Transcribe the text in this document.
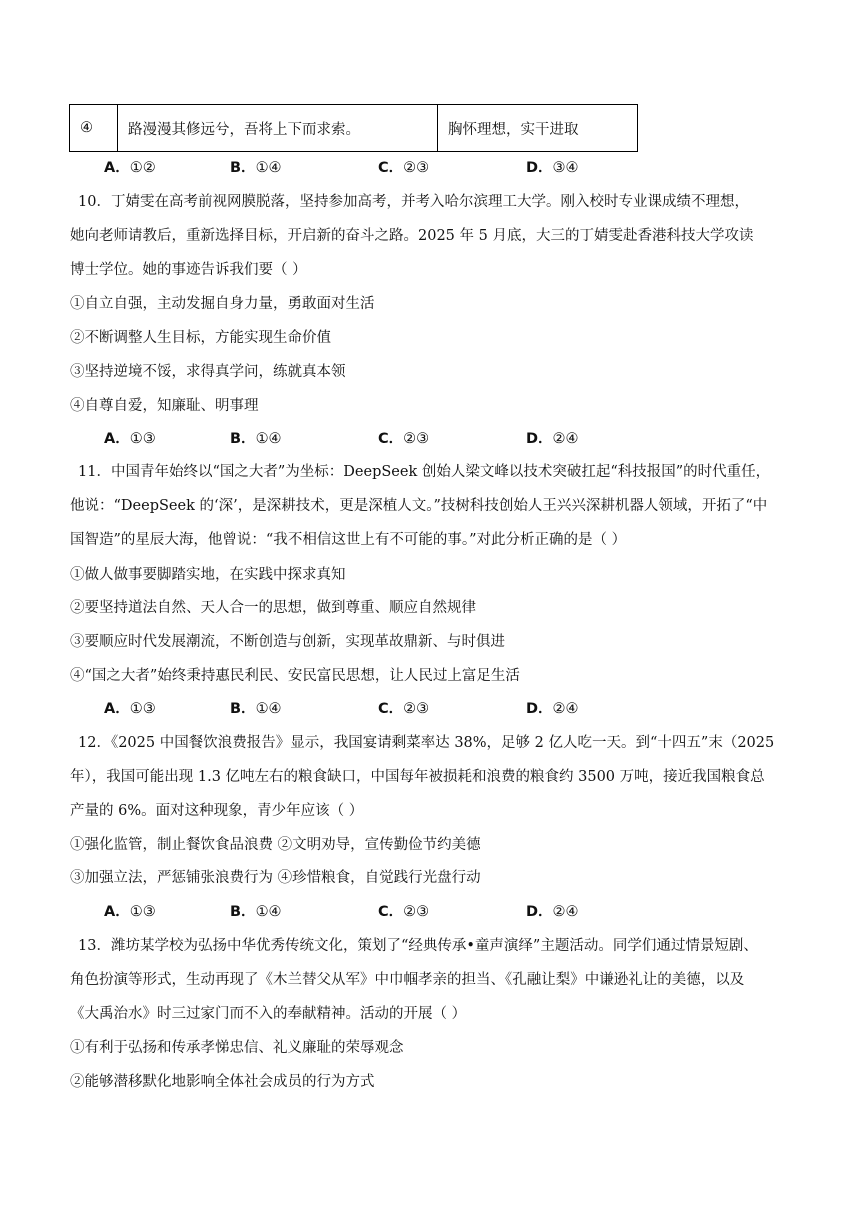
④	路漫漫其修远兮，吾将上下而求索。	胸怀理想，实干进取
A．①②	B．①④	C．②③	D．③④
10．丁婧雯在高考前视网膜脱落，坚持参加高考，并考入哈尔滨理工大学。刚入校时专业课成绩不理想，
她向老师请教后，重新选择目标，开启新的奋斗之路。2025 年 5 月底，大三的丁婧雯赴香港科技大学攻读
博士学位。她的事迹告诉我们要（ ）
①自立自强，主动发掘自身力量，勇敢面对生活
②不断调整人生目标，方能实现生命价值
③坚持逆境不馁，求得真学问，练就真本领
④自尊自爱，知廉耻、明事理
A．①③	B．①④	C．②③	D．②④
11．中国青年始终以“国之大者”为坐标：DeepSeek 创始人梁文峰以技术突破扛起“科技报国”的时代重任，
他说：“DeepSeek 的‘深’，是深耕技术，更是深植人文。”技树科技创始人王兴兴深耕机器人领域，开拓了“中
国智造”的星辰大海，他曾说：“我不相信这世上有不可能的事。”对此分析正确的是（ ）
①做人做事要脚踏实地，在实践中探求真知
②要坚持道法自然、天人合一的思想，做到尊重、顺应自然规律
③要顺应时代发展潮流，不断创造与创新，实现革故鼎新、与时俱进
④“国之大者”始终秉持惠民利民、安民富民思想，让人民过上富足生活
A．①③	B．①④	C．②③	D．②④
12．《2025 中国餐饮浪费报告》显示，我国宴请剩菜率达 38%，足够 2 亿人吃一天。到“十四五”末（2025
年），我国可能出现 1.3 亿吨左右的粮食缺口，中国每年被损耗和浪费的粮食约 3500 万吨，接近我国粮食总
产量的 6%。面对这种现象，青少年应该（ ）
①强化监管，制止餐饮食品浪费 ②文明劝导，宣传勤俭节约美德
③加强立法，严惩铺张浪费行为 ④珍惜粮食，自觉践行光盘行动
A．①③	B．①④	C．②③	D．②④
13．潍坊某学校为弘扬中华优秀传统文化，策划了“经典传承•童声演绎”主题活动。同学们通过情景短剧、
角色扮演等形式，生动再现了《木兰替父从军》中巾帼孝亲的担当、《孔融让梨》中谦逊礼让的美德，以及
《大禹治水》时三过家门而不入的奉献精神。活动的开展（ ）
①有利于弘扬和传承孝悌忠信、礼义廉耻的荣辱观念
②能够潜移默化地影响全体社会成员的行为方式
